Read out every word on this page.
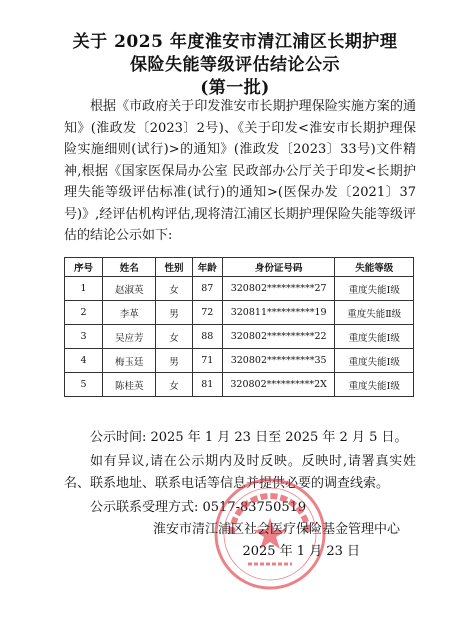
关于 2025 年度淮安市清江浦区长期护理
保险失能等级评估结论公示
(第一批)
根据《市政府关于印发淮安市长期护理保险实施方案的通知》(淮政发〔2023〕2号)、《关于印发<淮安市长期护理保险实施细则(试行)>的通知》(淮政发〔2023〕33号)文件精神,根据《国家医保局办公室 民政部办公厅关于印发<长期护理失能等级评估标准(试行)的通知>(医保办发〔2021〕37号)》,经评估机构评估,现将清江浦区长期护理保险失能等级评估的结论公示如下:
序号	姓名	性别	年龄	身份证号码	失能等级
1	赵淑英	女	87	320802**********27	重度失能Ⅰ级
2	李革	男	72	320811**********19	重度失能Ⅱ级
3	吴应芳	女	88	320802**********22	重度失能Ⅰ级
4	梅玉廷	男	71	320802**********35	重度失能Ⅰ级
5	陈桂英	女	81	320802**********2X	重度失能Ⅰ级
公示时间: 2025 年 1 月 23 日至 2025 年 2 月 5 日。
如有异议,请在公示期内及时反映。反映时,请署真实姓名、联系地址、联系电话等信息并提供必要的调查线索。
公示联系受理方式: 0517-83750519
淮安市清江浦区社会医疗保险基金管理中心
2025 年 1 月 23 日
